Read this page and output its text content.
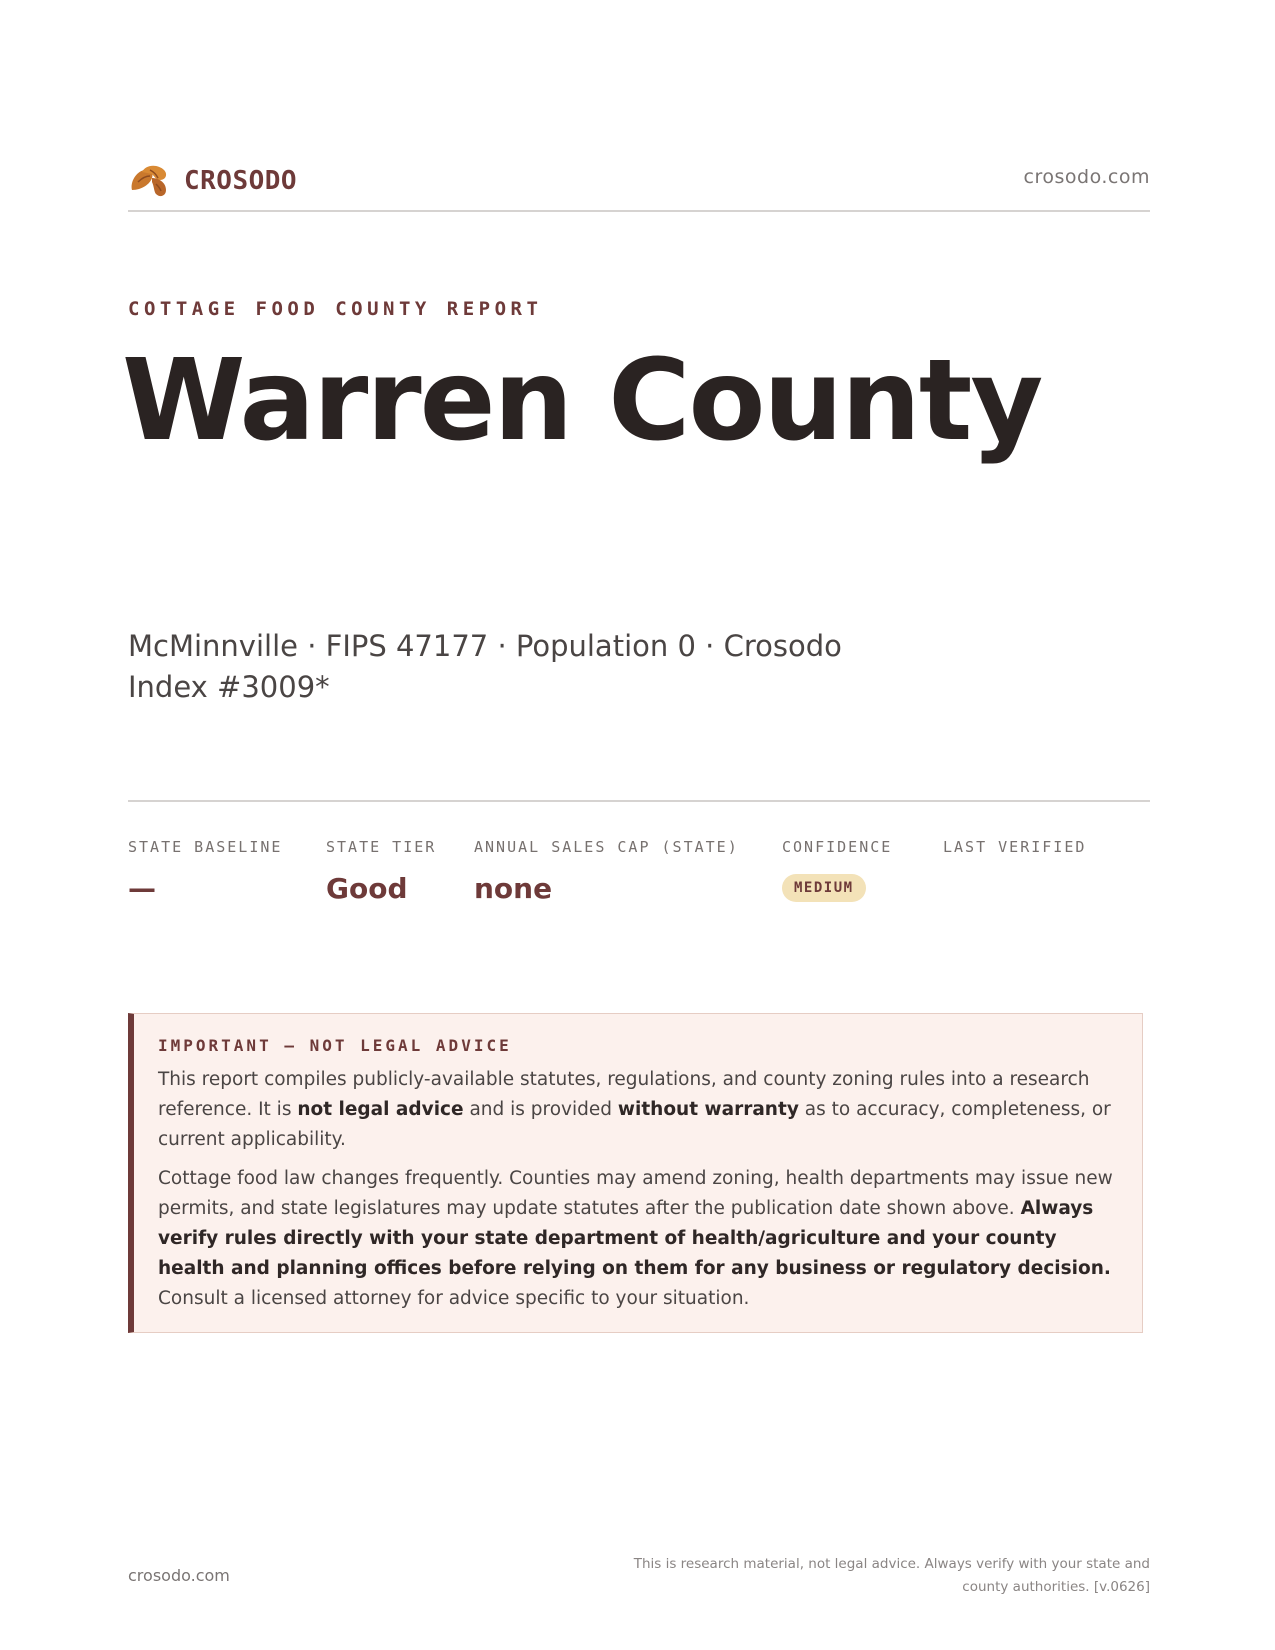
CROSODO	crosodo.com
COTTAGE FOOD COUNTY REPORT
Warren County
McMinnville · FIPS 47177 · Population 0 · Crosodo Index #3009*
STATE BASELINE
—
STATE TIER
Good
ANNUAL SALES CAP (STATE)
none
CONFIDENCE
MEDIUM
LAST VERIFIED
IMPORTANT — NOT LEGAL ADVICE

This report compiles publicly-available statutes, regulations, and county zoning rules into a research reference. It is not legal advice and is provided without warranty as to accuracy, completeness, or current applicability.

Cottage food law changes frequently. Counties may amend zoning, health departments may issue new permits, and state legislatures may update statutes after the publication date shown above. Always verify rules directly with your state department of health/agriculture and your county health and planning offices before relying on them for any business or regulatory decision. Consult a licensed attorney for advice specific to your situation.

crosodo.com
This is research material, not legal advice. Always verify with your state and county authorities. [v.0626]
